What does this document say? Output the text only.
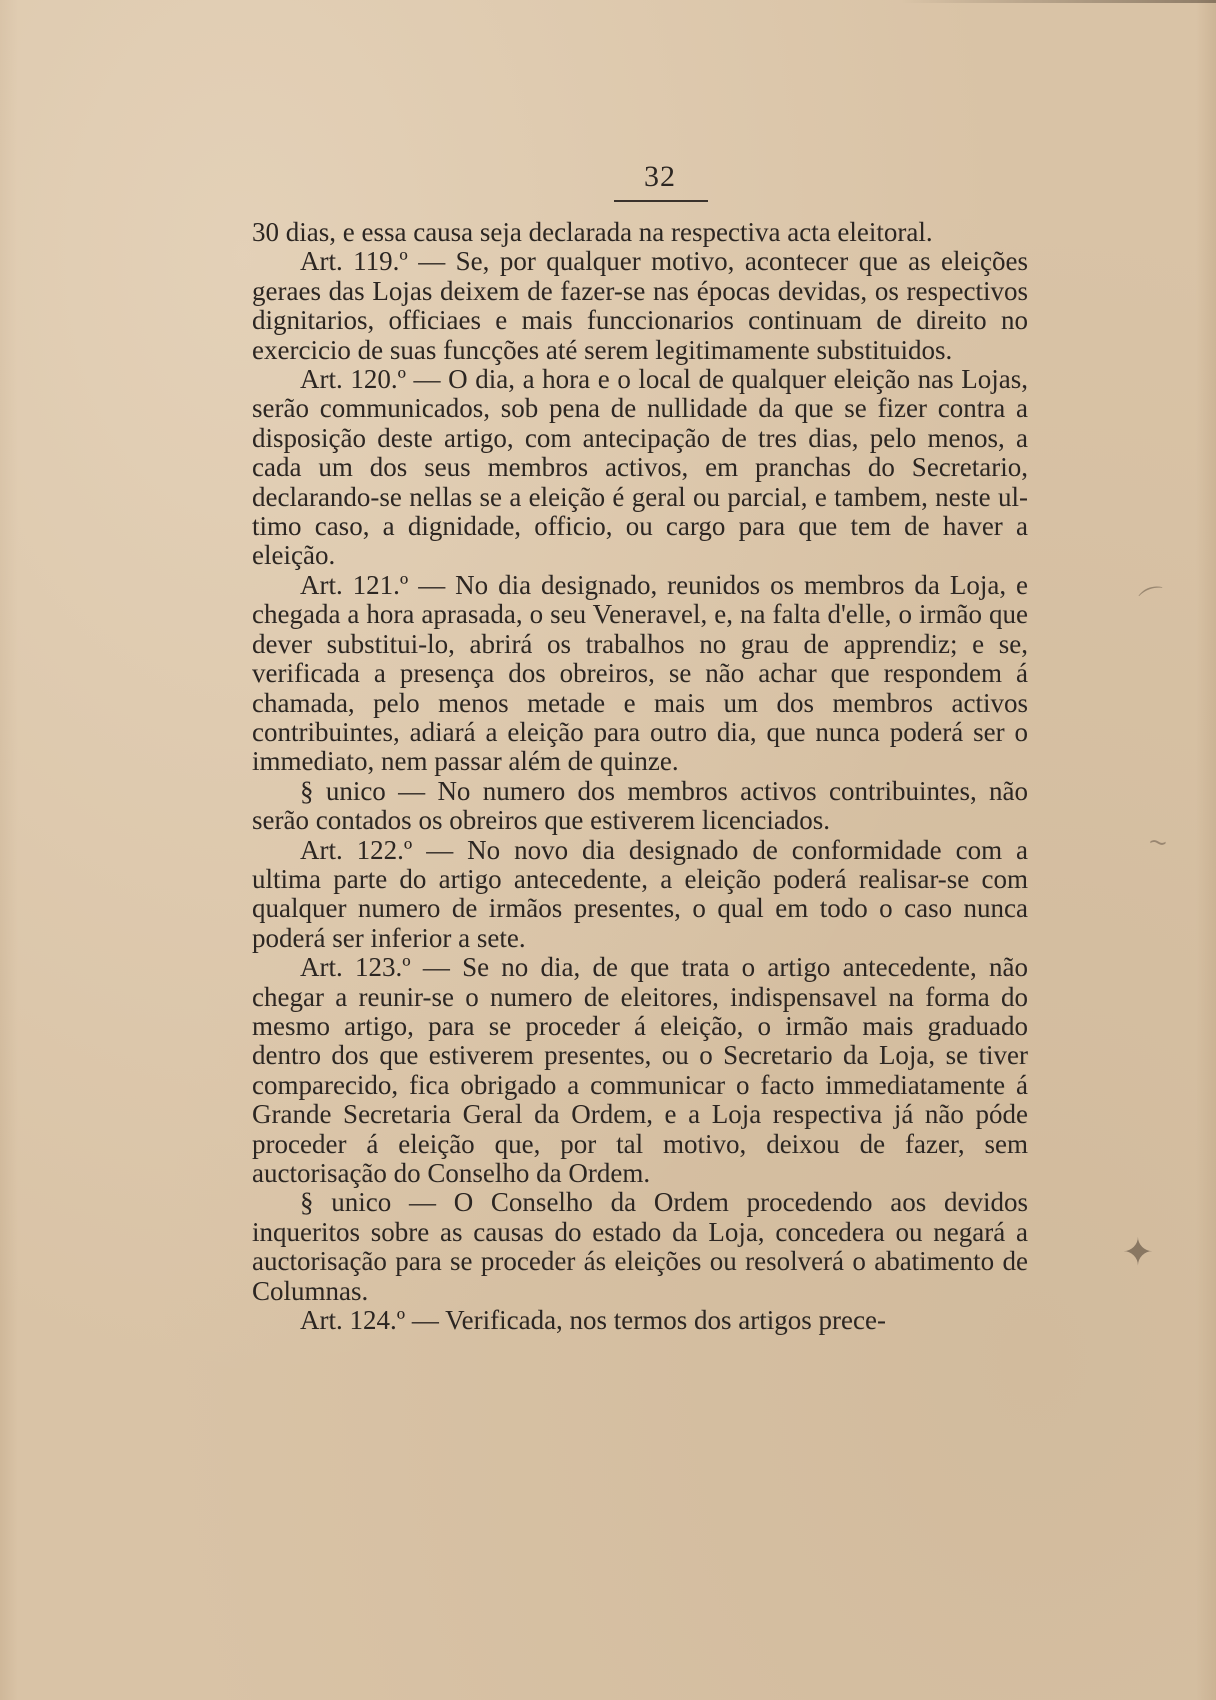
32

30 dias, e essa causa seja declarada na respectiva acta eleitoral.

Art. 119.º — Se, por qualquer motivo, acontecer que as eleições geraes das Lojas deixem de fazer-se nas épocas devidas, os respectivos dignitarios, officiaes e mais funccionarios continuam de direito no exercicio de suas funcções até serem legitimamente substituidos.

Art. 120.º — O dia, a hora e o local de qualquer eleição nas Lojas, serão communicados, sob pena de nullidade da que se fizer contra a disposição deste artigo, com antecipação de tres dias, pelo menos, a cada um dos seus membros activos, em pranchas do Secretario, declarando-se nellas se a eleição é geral ou parcial, e tambem, neste ultimo caso, a dignidade, officio, ou cargo para que tem de haver a eleição.

Art. 121.º — No dia designado, reunidos os membros da Loja, e chegada a hora aprasada, o seu Veneravel, e, na falta d'elle, o irmão que dever substitui-lo, abrirá os trabalhos no grau de apprendiz; e se, verificada a presença dos obreiros, se não achar que respondem á chamada, pelo menos metade e mais um dos membros activos contribuintes, adiará a eleição para outro dia, que nunca poderá ser o immediato, nem passar além de quinze.

§ unico — No numero dos membros activos contribuintes, não serão contados os obreiros que estiverem licenciados.

Art. 122.º — No novo dia designado de conformidade com a ultima parte do artigo antecedente, a eleição poderá realisar-se com qualquer numero de irmãos presentes, o qual em todo o caso nunca poderá ser inferior a sete.

Art. 123.º — Se no dia, de que trata o artigo antecedente, não chegar a reunir-se o numero de eleitores, indispensavel na forma do mesmo artigo, para se proceder á eleição, o irmão mais graduado dentro dos que estiverem presentes, ou o Secretario da Loja, se tiver comparecido, fica obrigado a communicar o facto immediatamente á Grande Secretaria Geral da Ordem, e a Loja respectiva já não póde proceder á eleição que, por tal motivo, deixou de fazer, sem auctorisação do Conselho da Ordem.

§ unico — O Conselho da Ordem procedendo aos devidos inqueritos sobre as causas do estado da Loja, concedera ou negará a auctorisação para se proceder ás eleições ou resolverá o abatimento de Columnas.

Art. 124.º — Verificada, nos termos dos artigos prece-

⌒
~
✦
